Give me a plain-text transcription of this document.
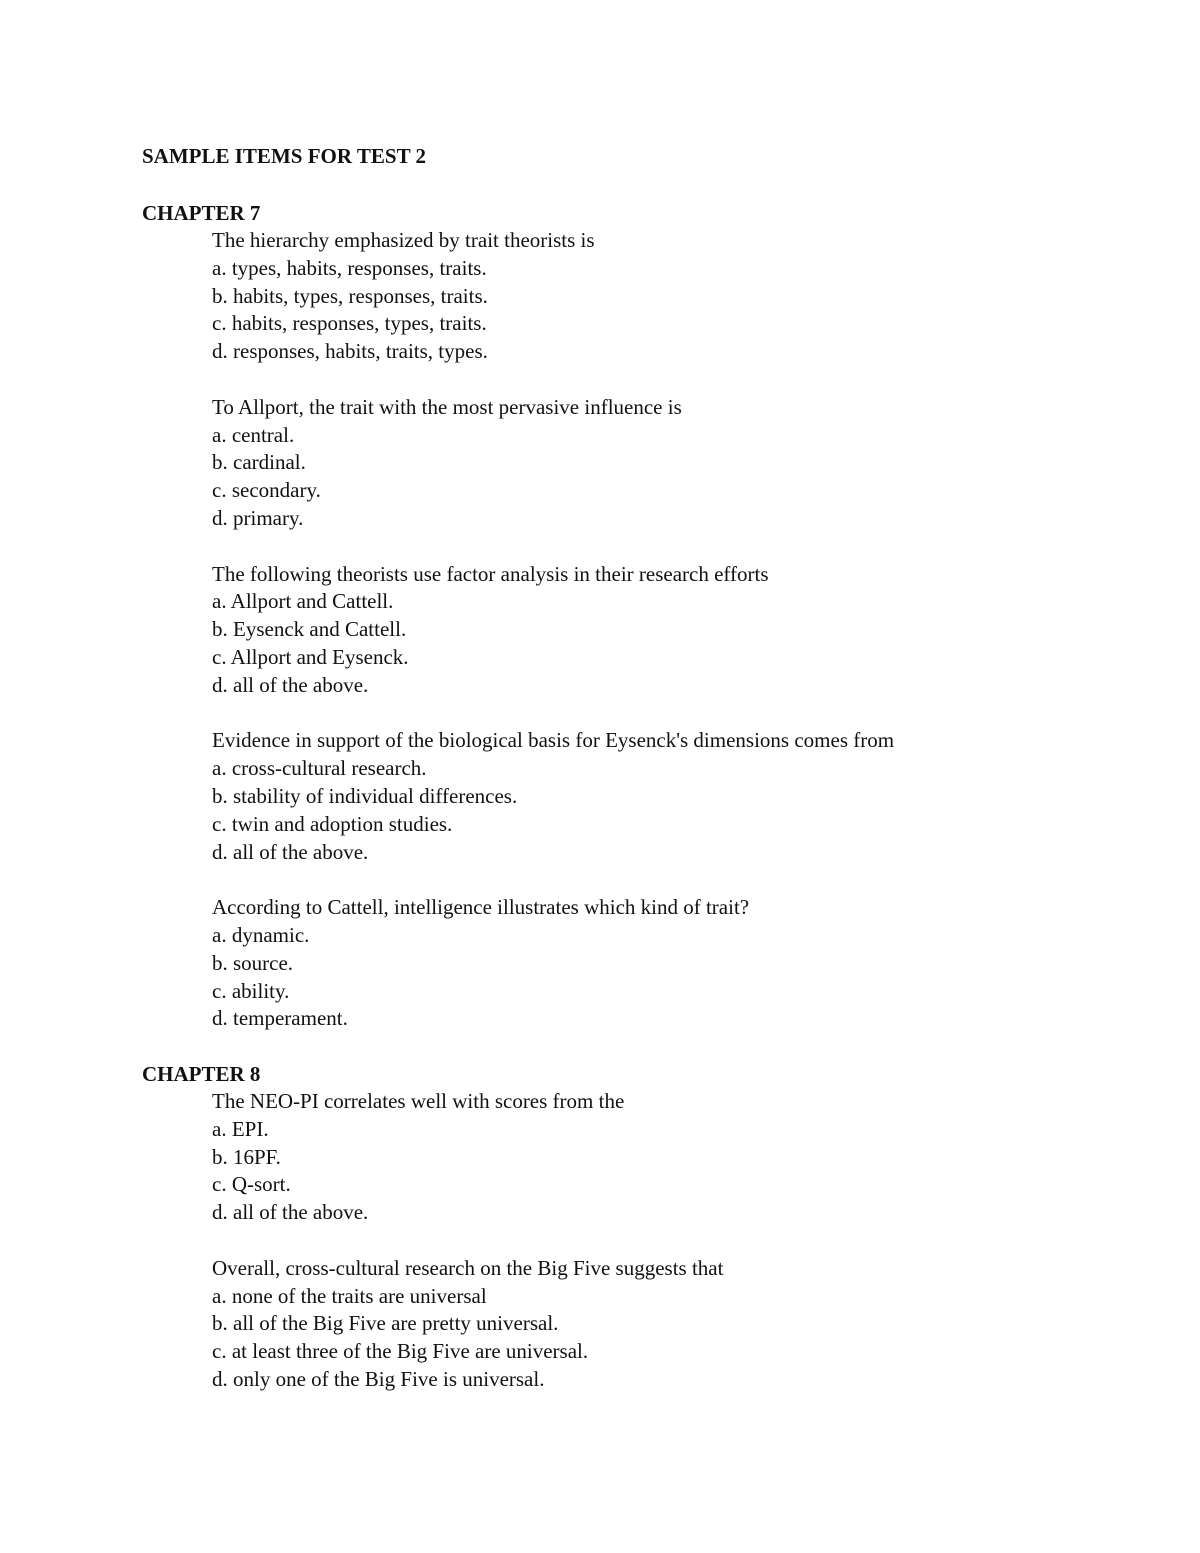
SAMPLE ITEMS FOR TEST 2
CHAPTER 7
The hierarchy emphasized by trait theorists is
a. types, habits, responses, traits.
b. habits, types, responses, traits.
c. habits, responses, types, traits.
d. responses, habits, traits, types.
To Allport, the trait with the most pervasive influence is
a. central.
b. cardinal.
c. secondary.
d. primary.
The following theorists use factor analysis in their research efforts
a. Allport and Cattell.
b. Eysenck and Cattell.
c. Allport and Eysenck.
d. all of the above.
Evidence in support of the biological basis for Eysenck's dimensions comes from
a. cross-cultural research.
b. stability of individual differences.
c. twin and adoption studies.
d. all of the above.
According to Cattell, intelligence illustrates which kind of trait?
a. dynamic.
b. source.
c. ability.
d. temperament.
CHAPTER 8
The NEO-PI correlates well with scores from the
a. EPI.
b. 16PF.
c. Q-sort.
d. all of the above.
Overall, cross-cultural research on the Big Five suggests that
a. none of the traits are universal
b. all of the Big Five are pretty universal.
c. at least three of the Big Five are universal.
d. only one of the Big Five is universal.
